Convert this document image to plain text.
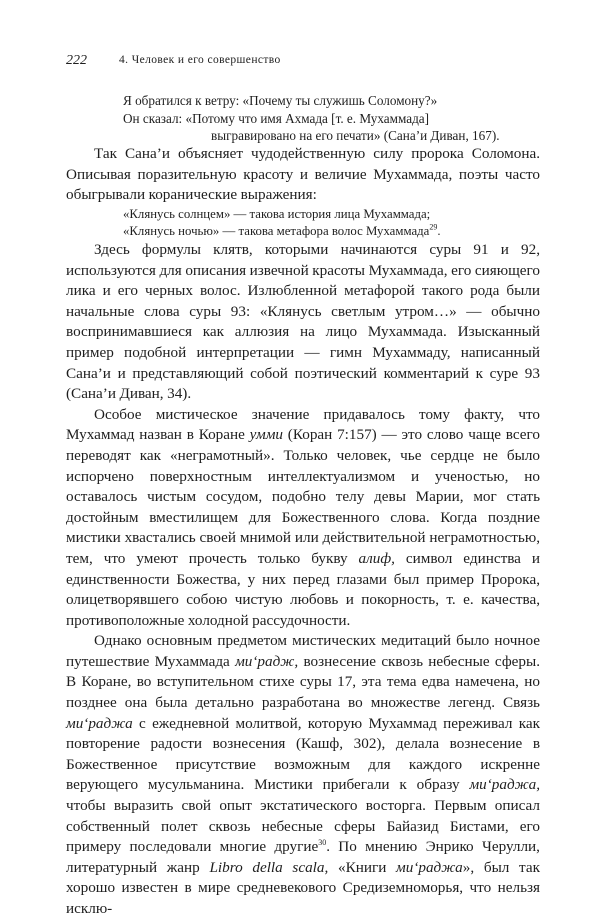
222	4. Человек и его совершенство
Я обратился к ветру: «Почему ты служишь Соломону?»
Он сказал: «Потому что имя Ахмада [т. е. Мухаммада]
выгравировано на его печати» (Сана’и Диван, 167).

Так Сана’и объясняет чудодейственную силу пророка Соломона. Описывая поразительную красоту и величие Мухаммада, поэты часто обыгрывали коранические выражения:

«Клянусь солнцем» — такова история лица Мухаммада;
«Клянусь ночью» — такова метафора волос Мухаммада$^{29}$.

Здесь формулы клятв, которыми начинаются суры 91 и 92, используются для описания извечной красоты Мухаммада, его сияющего лика и его черных волос. Излюбленной метафорой такого рода были начальные слова суры 93: «Клянусь светлым утром…» — обычно воспринимавшиеся как аллюзия на лицо Мухаммада. Изысканный пример подобной интерпретации — гимн Мухаммаду, написанный Сана’и и представляющий собой поэтический комментарий к суре 93 (Сана’и Диван, 34).

Особое мистическое значение придавалось тому факту, что Мухаммад назван в Коране умми (Коран 7:157) — это слово чаще всего переводят как «неграмотный». Только человек, чье сердце не было испорчено поверхностным интеллектуализмом и ученостью, но оставалось чистым сосудом, подобно телу девы Марии, мог стать достойным вместилищем для Божественного слова. Когда поздние мистики хвастались своей мнимой или действительной неграмотностью, тем, что умеют прочесть только букву алиф, символ единства и единственности Божества, у них перед глазами был пример Пророка, олицетворявшего собою чистую любовь и покорность, т. е. качества, противоположные холодной рассудочности.

Однако основным предметом мистических медитаций было ночное путешествие Мухаммада ми‘радж, вознесение сквозь небесные сферы. В Коране, во вступительном стихе суры 17, эта тема едва намечена, но позднее она была детально разработана во множестве легенд. Связь ми‘раджа с ежедневной молитвой, которую Мухаммад переживал как повторение радости вознесения (Кашф, 302), делала вознесение в Божественное присутствие возможным для каждого искренне верующего мусульманина. Мистики прибегали к образу ми‘раджа, чтобы выразить свой опыт экстатического восторга. Первым описал собственный полет сквозь небесные сферы Байазид Бистами, его примеру последовали многие другие$^{30}$. По мнению Энрико Черулли, литературный жанр Libro della scala, «Книги ми‘раджа», был так хорошо известен в мире средневекового Средиземноморья, что нельзя исклю-
